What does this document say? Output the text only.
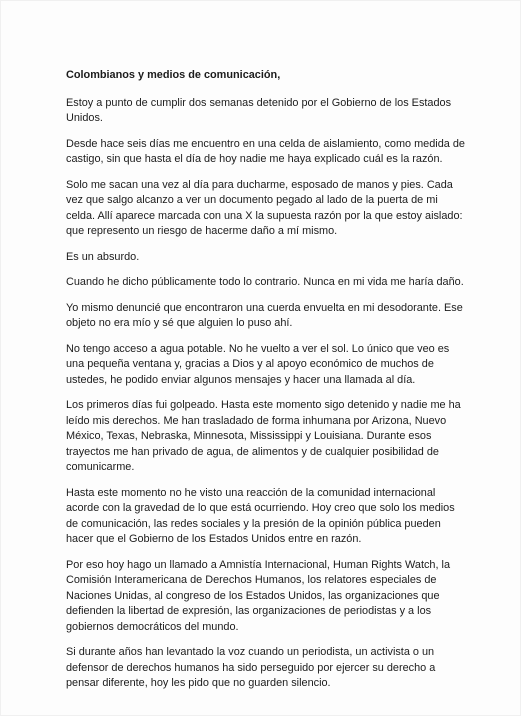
Colombianos y medios de comunicación,

Estoy a punto de cumplir dos semanas detenido por el Gobierno de los Estados Unidos.

Desde hace seis días me encuentro en una celda de aislamiento, como medida de castigo, sin que hasta el día de hoy nadie me haya explicado cuál es la razón.

Solo me sacan una vez al día para ducharme, esposado de manos y pies. Cada vez que salgo alcanzo a ver un documento pegado al lado de la puerta de mi celda. Allí aparece marcada con una X la supuesta razón por la que estoy aislado: que represento un riesgo de hacerme daño a mí mismo.

Es un absurdo.

Cuando he dicho públicamente todo lo contrario. Nunca en mi vida me haría daño.

Yo mismo denuncié que encontraron una cuerda envuelta en mi desodorante. Ese objeto no era mío y sé que alguien lo puso ahí.

No tengo acceso a agua potable. No he vuelto a ver el sol. Lo único que veo es una pequeña ventana y, gracias a Dios y al apoyo económico de muchos de ustedes, he podido enviar algunos mensajes y hacer una llamada al día.

Los primeros días fui golpeado. Hasta este momento sigo detenido y nadie me ha leído mis derechos. Me han trasladado de forma inhumana por Arizona, Nuevo México, Texas, Nebraska, Minnesota, Mississippi y Louisiana. Durante esos trayectos me han privado de agua, de alimentos y de cualquier posibilidad de comunicarme.

Hasta este momento no he visto una reacción de la comunidad internacional acorde con la gravedad de lo que está ocurriendo. Hoy creo que solo los medios de comunicación, las redes sociales y la presión de la opinión pública pueden hacer que el Gobierno de los Estados Unidos entre en razón.

Por eso hoy hago un llamado a Amnistía Internacional, Human Rights Watch, la Comisión Interamericana de Derechos Humanos, los relatores especiales de Naciones Unidas, al congreso de los Estados Unidos, las organizaciones que defienden la libertad de expresión, las organizaciones de periodistas y a los gobiernos democráticos del mundo.

Si durante años han levantado la voz cuando un periodista, un activista o un defensor de derechos humanos ha sido perseguido por ejercer su derecho a pensar diferente, hoy les pido que no guarden silencio.
